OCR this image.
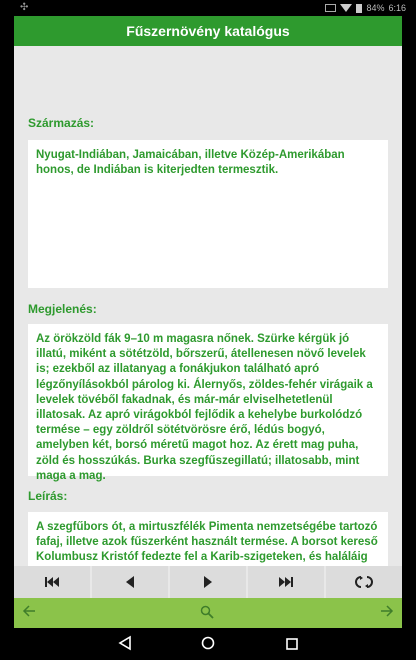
✣	84% 6:16
Fűszernövény katalógus
Származás:
Nyugat-Indiában, Jamaicában, illetve Közép-Amerikában honos, de Indiában is kiterjedten termesztik.
Megjelenés:
Az örökzöld fák 9–10 m magasra nőnek. Szürke kérgük jó illatú, miként a sötétzöld, bőrszerű, átellenesen növő levelek is; ezekből az illatanyag a fonákjukon található apró légzőnyílásokból párolog ki. Álernyős, zöldes-fehér virágaik a levelek tövéből fakadnak, és már-már elviselhetetlenül illatosak. Az apró virágokból fejlődik a kehelybe burkolódzó termése – egy zöldről sötétvörösre érő, lédús bogyó, amelyben két, borsó méretű magot hoz. Az érett mag puha, zöld és hosszúkás. Burka szegfűszegillatú; illatosabb, mint maga a mag.
Leírás:
A szegfűbors ót, a mirtuszfélék Pimenta nemzetségébe tartozó fafaj, illetve azok fűszerként használt termése. A borsot kereső Kolumbusz Kristóf fedezte fel a Karib-szigeteken, és haláláig
